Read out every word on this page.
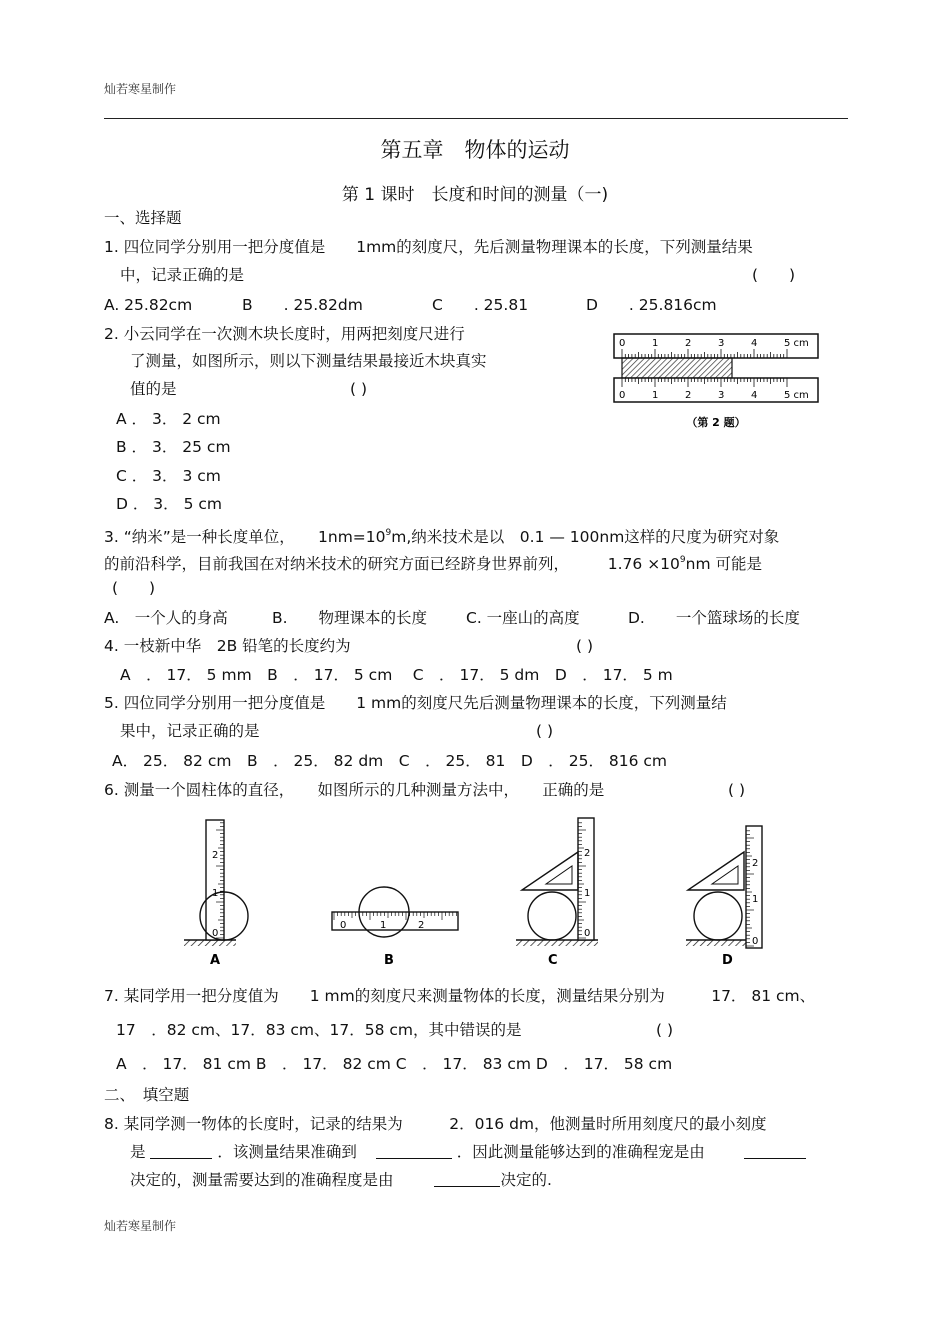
灿若寒星制作
第五章　物体的运动
第 1 课时　长度和时间的测量（一)
一、选择题
1. 四位同学分别用一把分度值是　　1mm的刻度尺，先后测量物理课本的长度，下列测量结果
中，记录正确的是	(　　)
A. 25.82cm	B　　. 25.82dm	C　　. 25.81	D　　. 25.816cm
2. 小云同学在一次测木块长度时，用两把刻度尺进行
了测量，如图所示，则以下测量结果最接近木块真实
值的是	( )
A ． 3． 2 cm
B ． 3． 25 cm
C ． 3． 3 cm
D ． 3． 5 cm
0	1	2	3	4	5 cm
0	1	2	3	4	5 cm
（第 2 题）
3. “纳米”是一种长度单位，　　$1nm=10^9m$,纳米技术是以　0.1 — 100nm这样的尺度为研究对象
的前沿科学，目前我国在对纳米技术的研究方面已经跻身世界前列，　　　$1.76 \times 10^9nm$ 可能是
(　　)
A.　一个人的身高	B.　　物理课本的长度	C. 一座山的高度	D.　　一个篮球场的长度
4. 一枝新中华　2B 铅笔的长度约为	( )
A　． 17． 5 mm　B　． 17． 5 cm　 C　． 17． 5 dm　D　． 17． 5 m
5. 四位同学分别用一把分度值是　　1 mm的刻度尺先后测量物理课本的长度，下列测量结
果中，记录正确的是	( )
A． 25． 82 cm　B　． 25． 82 dm　C　． 25． 81　D　． 25． 816 cm
6. 测量一个圆柱体的直径，　　如图所示的几种测量方法中，　　正确的是	( )
2
1
0
A
0	1	2
B
2
1
0
C
2
1
0
D
7. 某同学用一把分度值为　　1 mm的刻度尺来测量物体的长度，测量结果分别为　　　17． 81 cm、
17　．82 cm、17．83 cm、17．58 cm，其中错误的是	( )
A　． 17． 81 cm B　． 17． 82 cm C　． 17． 83 cm D　． 17． 58 cm
二、　填空题
8. 某同学测一物体的长度时，记录的结果为　　　2．016 dm，他测量时所用刻度尺的最小刻度
是	．该测量结果准确到	．因此测量能够达到的准确程宠是由
决定的，测量需要达到的准确程度是由	决定的.
灿若寒星制作
